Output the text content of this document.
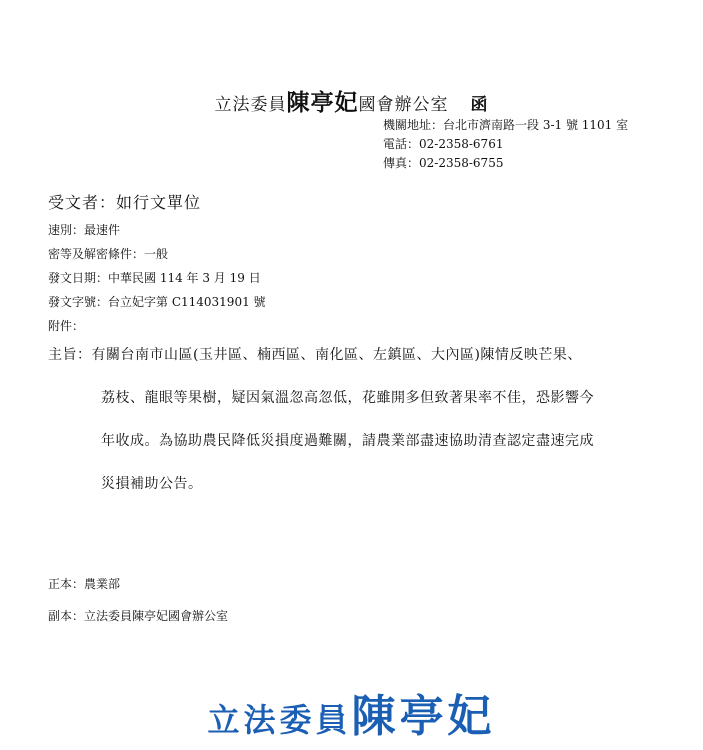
立法委員陳亭妃國會辦公室 函
機關地址：台北市濟南路一段 3-1 號 1101 室
電話：02-2358-6761
傳真：02-2358-6755
受文者：如行文單位
速別：最速件
密等及解密條件：一般
發文日期：中華民國 114 年 3 月 19 日
發文字號：台立妃字第 C114031901 號
附件：
主旨：有關台南市山區(玉井區、楠西區、南化區、左鎮區、大內區)陳情反映芒果、
荔枝、龍眼等果樹，疑因氣溫忽高忽低，花雖開多但致著果率不佳，恐影響今
年收成。為協助農民降低災損度過難關，請農業部盡速協助清查認定盡速完成
災損補助公告。
正本：農業部
副本：立法委員陳亭妃國會辦公室
立法委員陳亭妃
